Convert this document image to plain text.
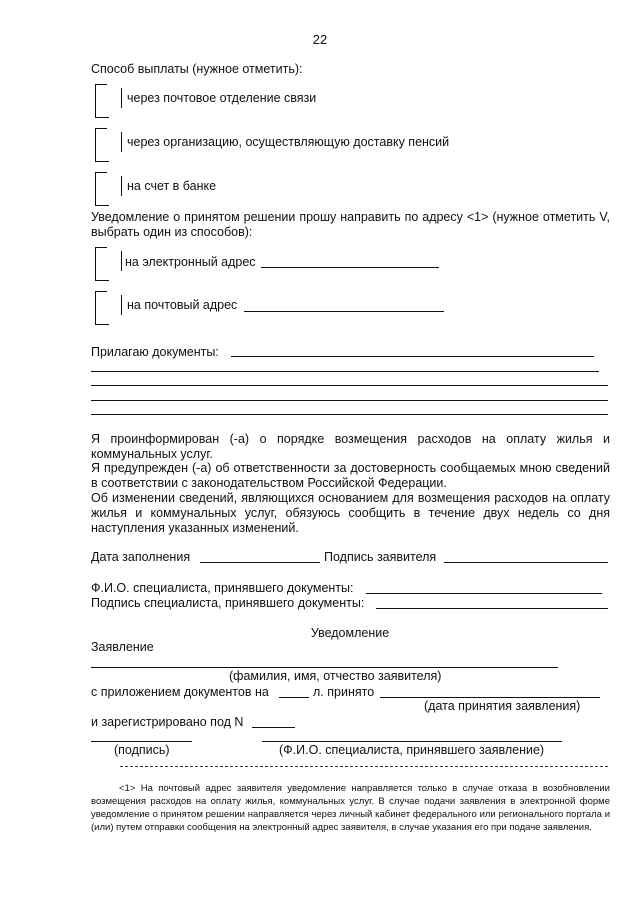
22
Способ выплаты (нужное отметить):
через почтовое отделение связи
через организацию, осуществляющую доставку пенсий
на счет в банке
Уведомление о принятом решении прошу направить по адресу <1> (нужное отметить V, выбрать один из способов):
на электронный адрес
на почтовый адрес
Прилагаю документы:
Я проинформирован (-а) о порядке возмещения расходов на оплату жилья и коммунальных услуг.
Я предупрежден (-а) об ответственности за достоверность сообщаемых мною сведений в соответствии с законодательством Российской Федерации.
Об изменении сведений, являющихся основанием для возмещения расходов на оплату жилья и коммунальных услуг, обязуюсь сообщить в течение двух недель со дня наступления указанных изменений.
Дата заполнения	Подпись заявителя
Ф.И.О. специалиста, принявшего документы:
Подпись специалиста, принявшего документы:
Уведомление
Заявление
(фамилия, имя, отчество заявителя)
с приложением документов на	л. принято
(дата принятия заявления)
и зарегистрировано под N
(подпись)	(Ф.И.О. специалиста, принявшего заявление)
<1> На почтовый адрес заявителя уведомление направляется только в случае отказа в возобновлении возмещения расходов на оплату жилья, коммунальных услуг. В случае подачи заявления в электронной форме уведомление о принятом решении направляется через личный кабинет федерального или регионального портала и (или) путем отправки сообщения на электронный адрес заявителя, в случае указания его при подаче заявления.
